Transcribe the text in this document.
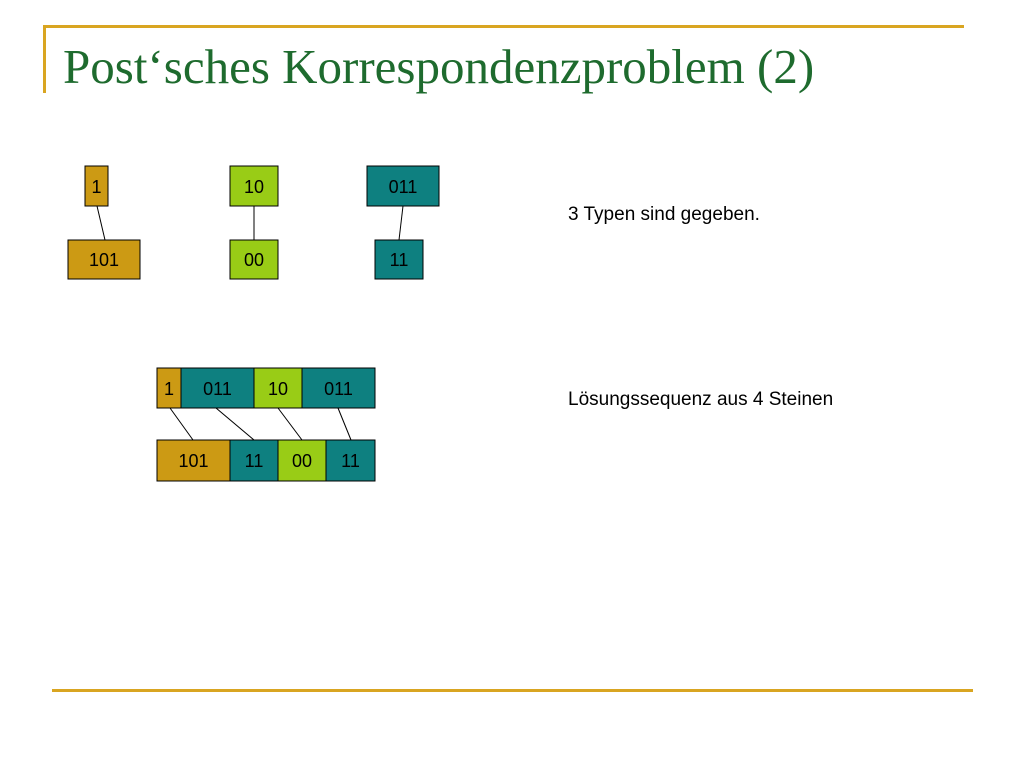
Post‘sches Korrespondenzproblem (2)
1
101
10
00
011
11
1 011 10 011
101 11 00 11
3 Typen sind gegeben.
Lösungssequenz aus 4 Steinen
